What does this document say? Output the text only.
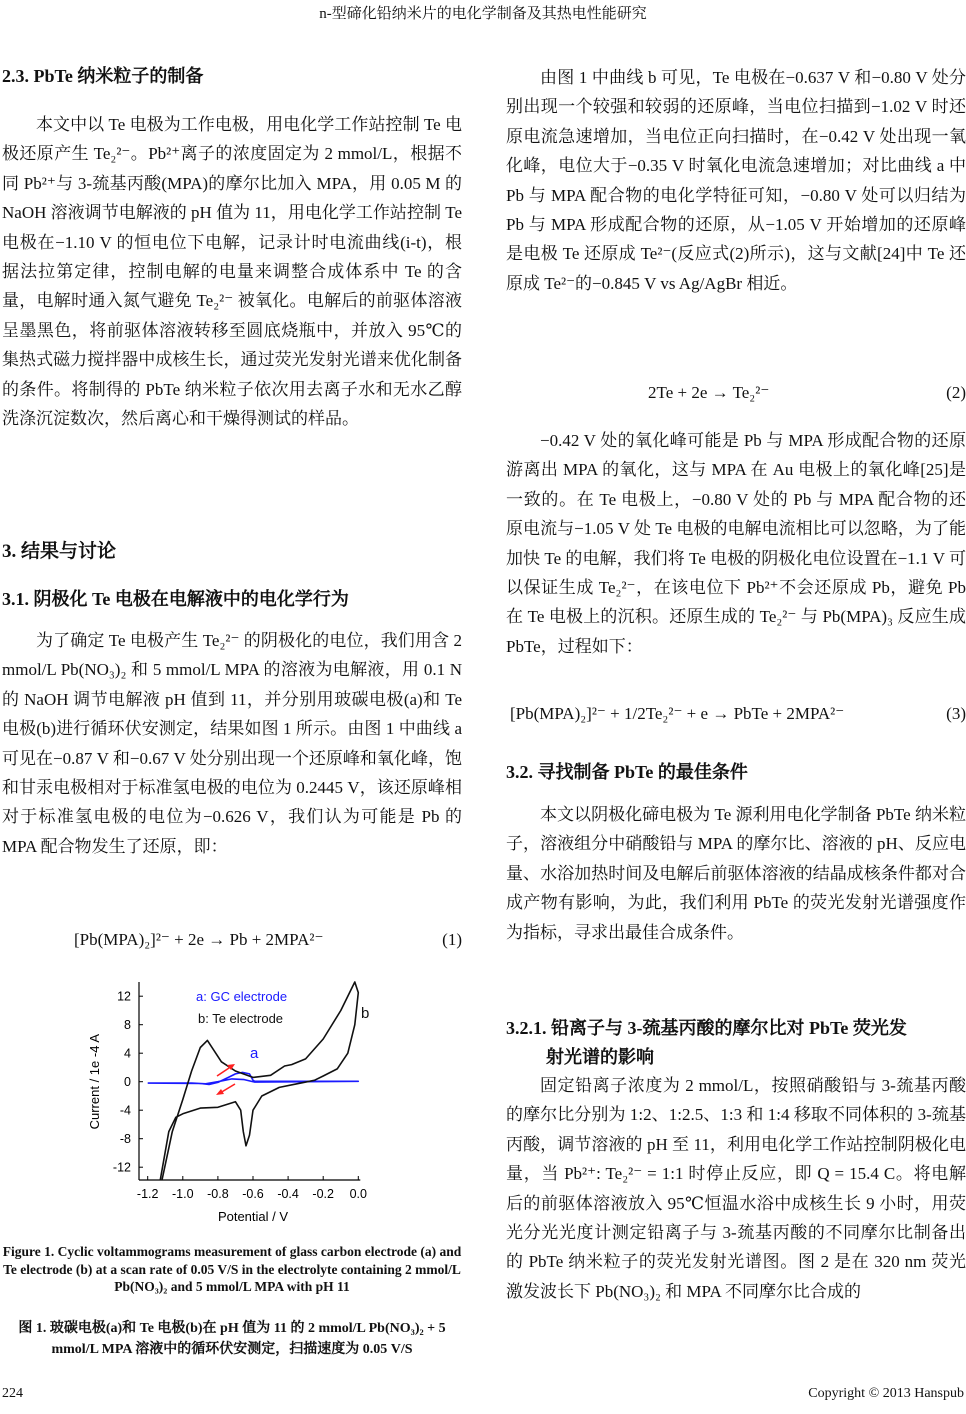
n-型碲化铅纳米片的电化学制备及其热电性能研究
2.3. PbTe 纳米粒子的制备

本文中以 Te 电极为工作电极，用电化学工作站控制 Te 电极还原产生 Te₂²⁻。Pb²⁺离子的浓度固定为 2 mmol/L，根据不同 Pb²⁺与 3-巯基丙酸(MPA)的摩尔比加入 MPA，用 0.05 M 的 NaOH 溶液调节电解液的 pH 值为 11，用电化学工作站控制 Te 电极在−1.10 V 的恒电位下电解，记录计时电流曲线(i-t)，根据法拉第定律，控制电解的电量来调整合成体系中 Te 的含量，电解时通入氮气避免 Te₂²⁻ 被氧化。电解后的前驱体溶液呈墨黑色，将前驱体溶液转移至圆底烧瓶中，并放入 95℃的集热式磁力搅拌器中成核生长，通过荧光发射光谱来优化制备的条件。将制得的 PbTe 纳米粒子依次用去离子水和无水乙醇洗涤沉淀数次，然后离心和干燥得测试的样品。

3. 结果与讨论
3.1. 阴极化 Te 电极在电解液中的电化学行为

为了确定 Te 电极产生 Te₂²⁻ 的阴极化的电位，我们用含 2 mmol/L Pb(NO₃)₂ 和 5 mmol/L MPA 的溶液为电解液，用 0.1 N 的 NaOH 调节电解液 pH 值到 11，并分别用玻碳电极(a)和 Te 电极(b)进行循环伏安测定，结果如图 1 所示。由图 1 中曲线 a 可见在−0.87 V 和−0.67 V 处分别出现一个还原峰和氧化峰，饱和甘汞电极相对于标准氢电极的电位为 0.2445 V，该还原峰相对于标准氢电极的电位为−0.626 V，我们认为可能是 Pb 的 MPA 配合物发生了还原，即：

[Pb(MPA)₂]²⁻ + 2e → Pb + 2MPA²⁻	(1)
-1.2 -1.0 -0.8 -0.6 -0.4 -0.2 0.0
12
8
4
0
-4
-8
-12
Potential / V
Current / 1e -4 A
a: GC electrode
b: Te electrode
a
b
Figure 1. Cyclic voltammograms measurement of glass carbon electrode (a) and Te electrode (b) at a scan rate of 0.05 V/S in the electrolyte containing 2 mmol/L Pb(NO₃)₂ and 5 mmol/L MPA with pH 11
图 1. 玻碳电极(a)和 Te 电极(b)在 pH 值为 11 的 2 mmol/L Pb(NO₃)₂ + 5 mmol/L MPA 溶液中的循环伏安测定，扫描速度为 0.05 V/S

由图 1 中曲线 b 可见，Te 电极在−0.637 V 和−0.80 V 处分别出现一个较强和较弱的还原峰，当电位扫描到−1.02 V 时还原电流急速增加，当电位正向扫描时，在−0.42 V 处出现一氧化峰，电位大于−0.35 V 时氧化电流急速增加；对比曲线 a 中 Pb 与 MPA 配合物的电化学特征可知，−0.80 V 处可以归结为 Pb 与 MPA 形成配合物的还原，从−1.05 V 开始增加的还原峰是电极 Te 还原成 Te²⁻(反应式(2)所示)，这与文献[24]中 Te 还原成 Te²⁻的−0.845 V vs Ag/AgBr 相近。

2Te + 2e → Te₂²⁻	(2)

−0.42 V 处的氧化峰可能是 Pb 与 MPA 形成配合物的还原游离出 MPA 的氧化，这与 MPA 在 Au 电极上的氧化峰[25]是一致的。在 Te 电极上，−0.80 V 处的 Pb 与 MPA 配合物的还原电流与−1.05 V 处 Te 电极的电解电流相比可以忽略，为了能加快 Te 的电解，我们将 Te 电极的阴极化电位设置在−1.1 V 可以保证生成 Te₂²⁻，在该电位下 Pb²⁺不会还原成 Pb，避免 Pb 在 Te 电极上的沉积。还原生成的 Te₂²⁻ 与 Pb(MPA)₃ 反应生成 PbTe，过程如下：

[Pb(MPA)₂]²⁻ + 1/2Te₂²⁻ + e → PbTe + 2MPA²⁻	(3)
3.2. 寻找制备 PbTe 的最佳条件

本文以阴极化碲电极为 Te 源利用电化学制备 PbTe 纳米粒子，溶液组分中硝酸铅与 MPA 的摩尔比、溶液的 pH、反应电量、水浴加热时间及电解后前驱体溶液的结晶成核条件都对合成产物有影响，为此，我们利用 PbTe 的荧光发射光谱强度作为指标，寻求出最佳合成条件。

3.2.1. 铅离子与 3-巯基丙酸的摩尔比对 PbTe 荧光发
射光谱的影响

固定铅离子浓度为 2 mmol/L，按照硝酸铅与 3-巯基丙酸的摩尔比分别为 1:2、1:2.5、1:3 和 1:4 移取不同体积的 3-巯基丙酸，调节溶液的 pH 至 11，利用电化学工作站控制阴极化电量，当 Pb²⁺: Te₂²⁻ = 1:1 时停止反应，即 Q = 15.4 C。将电解后的前驱体溶液放入 95℃恒温水浴中成核生长 9 小时，用荧光分光光度计测定铅离子与 3-巯基丙酸的不同摩尔比制备出的 PbTe 纳米粒子的荧光发射光谱图。图 2 是在 320 nm 荧光激发波长下 Pb(NO₃)₂ 和 MPA 不同摩尔比合成的

224	Copyright © 2013 Hanspub
